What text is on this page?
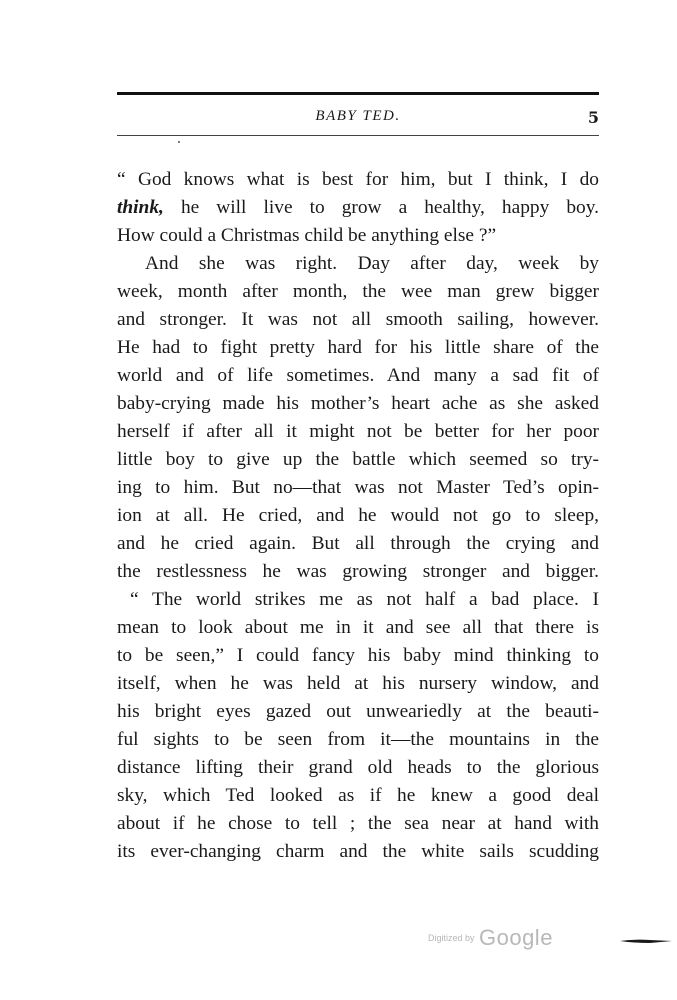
BABY TED.	5
“ God knows what is best for him, but I think, I do
think, he will live to grow a healthy, happy boy.
How could a Christmas child be anything else ?”
And she was right. Day after day, week by
week, month after month, the wee man grew bigger
and stronger. It was not all smooth sailing, however.
He had to fight pretty hard for his little share of the
world and of life sometimes. And many a sad fit of
baby-crying made his mother’s heart ache as she asked
herself if after all it might not be better for her poor
little boy to give up the battle which seemed so try-
ing to him. But no—that was not Master Ted’s opin-
ion at all. He cried, and he would not go to sleep,
and he cried again. But all through the crying and
the restlessness he was growing stronger and bigger.
“ The world strikes me as not half a bad place. I
mean to look about me in it and see all that there is
to be seen,” I could fancy his baby mind thinking to
itself, when he was held at his nursery window, and
his bright eyes gazed out unweariedly at the beauti-
ful sights to be seen from it—the mountains in the
distance lifting their grand old heads to the glorious
sky, which Ted looked as if he knew a good deal
about if he chose to tell ; the sea near at hand with
its ever-changing charm and the white sails scudding
Digitized by Google
